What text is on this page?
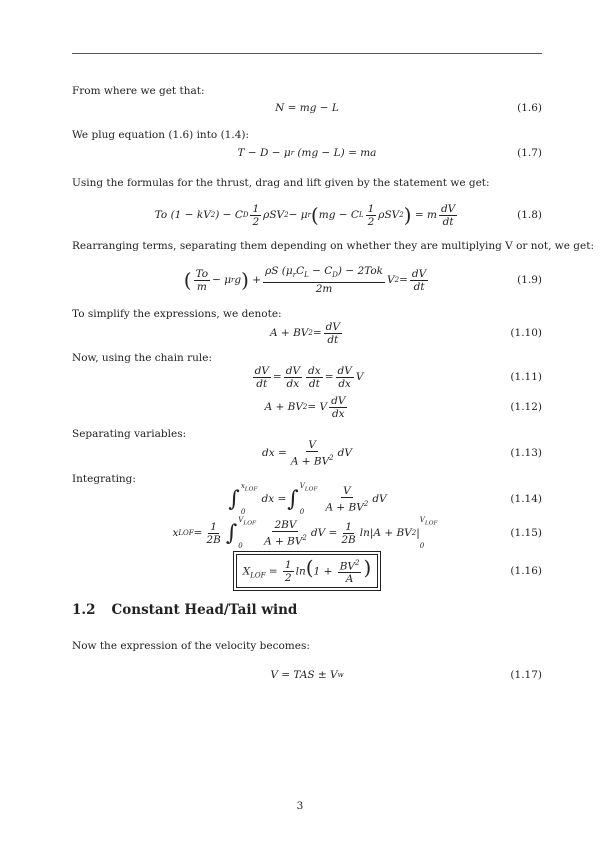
From where we get that:
N = mg − L	(1.6)
We plug equation (1.6) into (1.4):
T − D − μ r (mg − L) = ma	(1.7)
Using the formulas for the thrust, drag and lift given by the statement we get:
To (1 − kV 2 ) − C D $\frac{1}{2}$ ρSV 2 − μ r ( mg − C L $\frac{1}{2}$ ρSV 2 ) = m $\frac{dV}{dt}$	(1.8)
Rearranging terms, separating them depending on whether they are multiplying V or not, we get:
( $\frac{To}{m} - \mu$ r g ) + $\frac{\rho S (\mu_rC_L - C_D) - 2Tok}{2m}$ V $2 = \frac{dV}{dt}$	(1.9)
To simplify the expressions, we denote:
A + BV $2 = \frac{dV}{dt}$	(1.10)
Now, using the chain rule:
$\frac{dV}{dt} = \frac{dV}{dx} \frac{dx}{dt} = \frac{dV}{dx}$ V	(1.11)
A + BV 2 = V $\frac{dV}{dx}$	(1.12)
Separating variables:
dx = $\frac{V}{A + BV^2}$ dV	(1.13)
Integrating:
∫
$x_{LOF}$
0
dx = ∫
$V_{LOF}$
0	$\frac{V}{A + BV^2}$ dV	(1.14)
x LOF = $\frac{1}{2B}$ ∫
$V_{LOF}$
0	$\frac{2BV}{A + BV^2}$ dV = $\frac{1}{2B} \ln|A$ + BV 2 |
$V_{LOF}$
0
(1.15)
$X_{LOF} = \frac{1}{2} \ln(1 + \frac{BV^2}{A}$ )	(1.16)
1.2 Constant Head/Tail wind
Now the expression of the velocity becomes:
V = TAS ± V w	(1.17)
3
